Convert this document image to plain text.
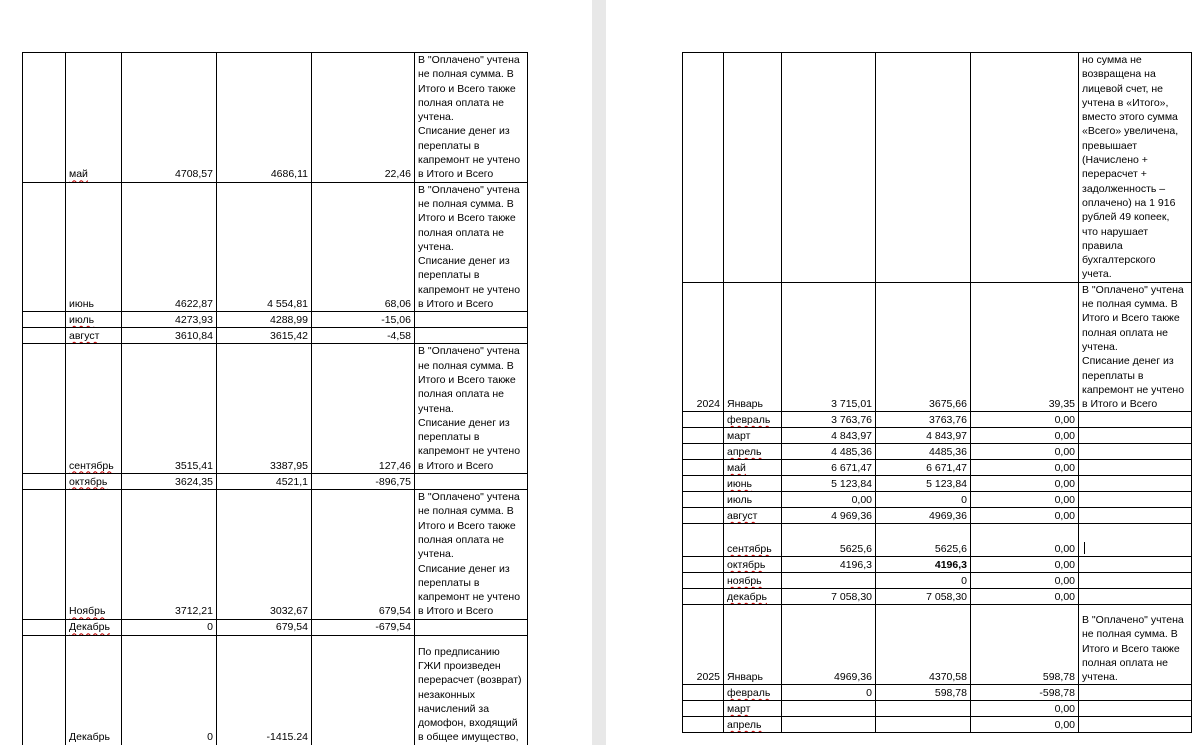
	май	4708,57	4686,11	22,46	В "Оплачено" учтена не полная сумма. В Итого и Всего также полная оплата не учтена.
Списание денег из переплаты в капремонт не учтено в Итого и Всего

	июнь	4622,87	4 554,81	68,06	В "Оплачено" учтена не полная сумма. В Итого и Всего также полная оплата не учтена.
Списание денег из переплаты в капремонт не учтено в Итого и Всего

	июль	4273,93	4288,99	-15,06	
	август	3610,84	3615,42	-4,58	
	сентябрь	3515,41	3387,95	127,46	В "Оплачено" учтена не полная сумма. В Итого и Всего также полная оплата не учтена.
Списание денег из переплаты в капремонт не учтено в Итого и Всего

	октябрь	3624,35	4521,1	-896,75	
	Ноябрь	3712,21	3032,67	679,54	В "Оплачено" учтена не полная сумма. В Итого и Всего также полная оплата не учтена.
Списание денег из переплаты в капремонт не учтено в Итого и Всего

	Декабрь	0	679,54	-679,54	
	Декабрь	0	-1415.24		По предписанию ГЖИ произведен перерасчет (возврат) незаконных начислений за домофон, входящий в общее имущество,

					но сумма не возвращена на лицевой счет, не учтена в «Итого», вместо этого сумма «Всего» увеличена, превышает (Начислено + перерасчет + задолженность – оплачено) на 1 916 рублей 49 копеек, что нарушает правила бухгалтерского учета.

2024	Январь	3 715,01	3675,66	39,35	В "Оплачено" учтена не полная сумма. В Итого и Всего также полная оплата не учтена.
Списание денег из переплаты в капремонт не учтено в Итого и Всего

	февраль	3 763,76	3763,76	0,00	
	март	4 843,97	4 843,97	0,00	
	апрель	4 485,36	4485,36	0,00	
	май	6 671,47	6 671,47	0,00	
	июнь	5 123,84	5 123,84	0,00	
	июль	0,00	0	0,00	
	август	4 969,36	4969,36	0,00	
	сентябрь	5625,6	5625,6	0,00	
	октябрь	4196,3	4196,3	0,00	
	ноябрь		0	0,00	
	декабрь	7 058,30	7 058,30	0,00	
2025	Январь	4969,36	4370,58	598,78	В "Оплачено" учтена не полная сумма. В Итого и Всего также полная оплата не учтена.

	февраль	0	598,78	-598,78	
	март			0,00	
	апрель			0,00	
